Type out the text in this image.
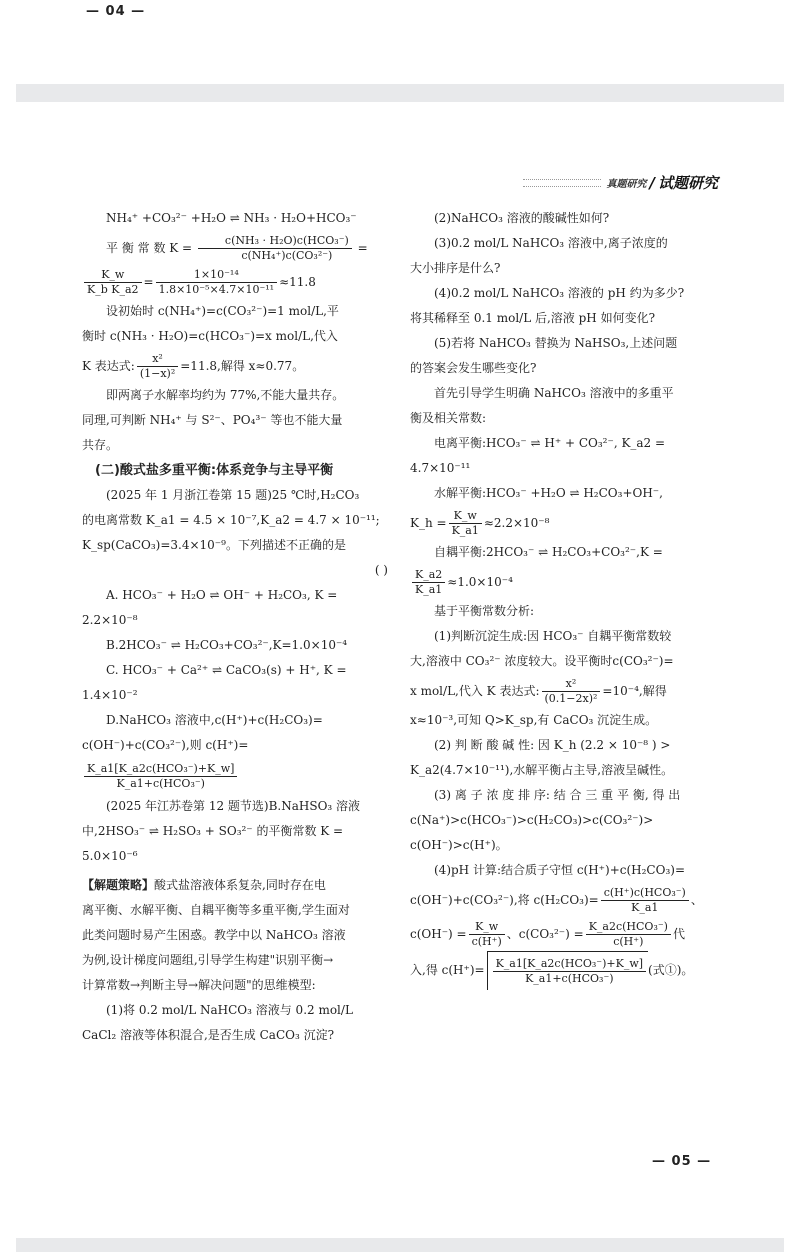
— 04 —
真题研究 / 试题研究

NH₄⁺ +CO₃²⁻ +H₂O ⇌ NH₃ · H₂O+HCO₃⁻

平 衡 常 数 $K = \frac{\text{c(NH₃ · H₂O)c(HCO₃⁻)}}{\text{c(NH₄⁺)c(CO₃²⁻)}}$ =

$\frac{K\_w}{\text{K\_b K\_a2}} = \frac{\text{1×10⁻¹⁴}}{\text{1.8×10⁻⁵×4.7×10⁻¹¹}} \approx 11.8$

设初始时 c(NH₄⁺)=c(CO₃²⁻)=1 mol/L,平

衡时 c(NH₃ · H₂O)=c(HCO₃⁻)=x mol/L,代入

K 表达式: $\frac{\text{x²}}{\text{(1−x)²}} =11.8$,解得 x≈0.77。

即两离子水解率均约为 77%,不能大量共存。

同理,可判断 NH₄⁺ 与 S²⁻、PO₄³⁻ 等也不能大量

共存。

(二)酸式盐多重平衡:体系竞争与主导平衡

(2025 年 1 月浙江卷第 15 题)25 ℃时,H₂CO₃

的电离常数 K_a1 = 4.5 × 10⁻⁷,K_a2 = 4.7 × 10⁻¹¹;

K_sp(CaCO₃)=3.4×10⁻⁹。下列描述不正确的是

( )

A. HCO₃⁻ + H₂O ⇌ OH⁻ + H₂CO₃, K =

2.2×10⁻⁸

B.2HCO₃⁻ ⇌ H₂CO₃+CO₃²⁻,K=1.0×10⁻⁴

C. HCO₃⁻ + Ca²⁺ ⇌ CaCO₃(s) + H⁺, K =

1.4×10⁻²

D.NaHCO₃ 溶液中,c(H⁺)+c(H₂CO₃)=

c(OH⁻)+c(CO₃²⁻),则 c(H⁺)=

$\frac{\text{K\_a1[K\_a2c(HCO₃⁻)+K\_w]}}{\text{K\_a1+c(HCO₃⁻)}}$

(2025 年江苏卷第 12 题节选)B.NaHSO₃ 溶液

中,2HSO₃⁻ ⇌ H₂SO₃ + SO₃²⁻ 的平衡常数 K =

5.0×10⁻⁶

【解题策略】酸式盐溶液体系复杂,同时存在电

离平衡、水解平衡、自耦平衡等多重平衡,学生面对

此类问题时易产生困惑。教学中以 NaHCO₃ 溶液

为例,设计梯度问题组,引导学生构建"识别平衡→

计算常数→判断主导→解决问题"的思维模型:

(1)将 0.2 mol/L NaHCO₃ 溶液与 0.2 mol/L

CaCl₂ 溶液等体积混合,是否生成 CaCO₃ 沉淀?

(2)NaHCO₃ 溶液的酸碱性如何?

(3)0.2 mol/L NaHCO₃ 溶液中,离子浓度的

大小排序是什么?

(4)0.2 mol/L NaHCO₃ 溶液的 pH 约为多少?

将其稀释至 0.1 mol/L 后,溶液 pH 如何变化?

(5)若将 NaHCO₃ 替换为 NaHSO₃,上述问题

的答案会发生哪些变化?

首先引导学生明确 NaHCO₃ 溶液中的多重平

衡及相关常数:

电离平衡:HCO₃⁻ ⇌ H⁺ + CO₃²⁻, K_a2 =

4.7×10⁻¹¹

水解平衡:HCO₃⁻ +H₂O ⇌ H₂CO₃+OH⁻,

K_h = $\frac{K\_w}{K\_a1} \approx 2.2\times 10^{-8}$

自耦平衡:2HCO₃⁻ ⇌ H₂CO₃+CO₃²⁻,K =

$\frac{K\_a2}{K\_a1} \approx 1.0\times 10^{-4}$

基于平衡常数分析:

(1)判断沉淀生成:因 HCO₃⁻ 自耦平衡常数较

大,溶液中 CO₃²⁻ 浓度较大。设平衡时c(CO₃²⁻)=

x mol/L,代入 K 表达式: $\frac{\text{x²}}{\text{(0.1−2x)²}} =10^{-4}$,解得

x≈10⁻³,可知 Q>K_sp,有 CaCO₃ 沉淀生成。

(2) 判 断 酸 碱 性: 因 K_h (2.2 × 10⁻⁸ ) >

K_a2(4.7×10⁻¹¹),水解平衡占主导,溶液呈碱性。

(3) 离 子 浓 度 排 序: 结 合 三 重 平 衡, 得 出

c(Na⁺)>c(HCO₃⁻)>c(H₂CO₃)>c(CO₃²⁻)>

c(OH⁻)>c(H⁺)。

(4)pH 计算:结合质子守恒 c(H⁺)+c(H₂CO₃)=

c(OH⁻)+c(CO₃²⁻),将 $c(H_2CO_3)= \frac{\text{c(H⁺)c(HCO₃⁻)}}{K\_a1}$ 、

$c(OH^-) = \frac{K\_w}{c(H^+)}$ 、$c(CO_3^{2-}) = \frac{\text{K\_a2c(HCO₃⁻)}}{c(H^+)}$ 代

入,得 $c(H^+)= \frac{\text{K\_a1[K\_a2c(HCO₃⁻)+K\_w]}}{\text{K\_a1+c(HCO₃⁻)}}$ (式①)。

— 05 —
